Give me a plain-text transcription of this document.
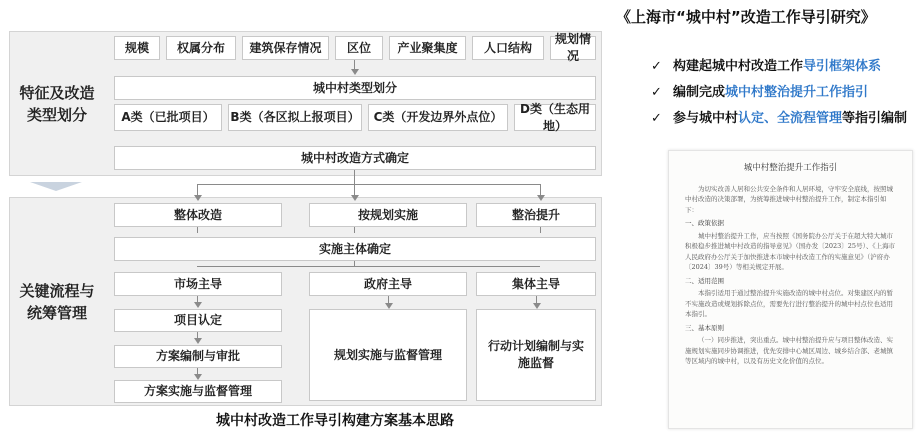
特征及改造类型划分
关键流程与统筹管理
规模 权属分布 建筑保存情况 区位 产业聚集度 人口结构
规划情况
城中村类型划分
A类（已批项目） B类（各区拟上报项目） C类（开发边界外点位）
D类（生态用地）
城中村改造方式确定
整体改造	按规划实施	整治提升
实施主体确定
市场主导	政府主导	集体主导
项目认定
方案编制与审批
方案实施与监督管理
规划实施与监督管理
行动计划编制与实施监督
城中村改造工作导引构建方案基本思路
《上海市“城中村”改造工作导引研究》
✓ 构建起城中村改造工作导引框架体系
✓ 编制完成城中村整治提升工作指引
✓ 参与城中村认定、全流程管理等指引编制
城中村整治提升工作指引
为切实改善人居和公共安全条件和人居环境，守牢安全底线，按照城中村改造的决策部署，为统筹推进城中村整治提升工作，制定本指引如下：
一、政策依据
城中村整治提升工作，应当按照《国务院办公厅关于在超大特大城市积极稳步推进城中村改造的指导意见》（国办发〔2023〕25号）、《上海市人民政府办公厅关于加快推进本市城中村改造工作的实施意见》（沪府办〔2024〕39号）等相关规定开展。
二、适用范围
本指引适用于通过整治提升实施改造的城中村点位。对集建区内的暂不实施改造或规划拆除点位，需要先行进行整治提升的城中村点位也适用本指引。
三、基本原则
（一）同步推进，突出重点。城中村整治提升应与项目整体改造、实施规划实施同步协调推进，优先安排中心城区周边、城乡结合部、老城镇等区域内的城中村，以及有历史文化价值的点位。
